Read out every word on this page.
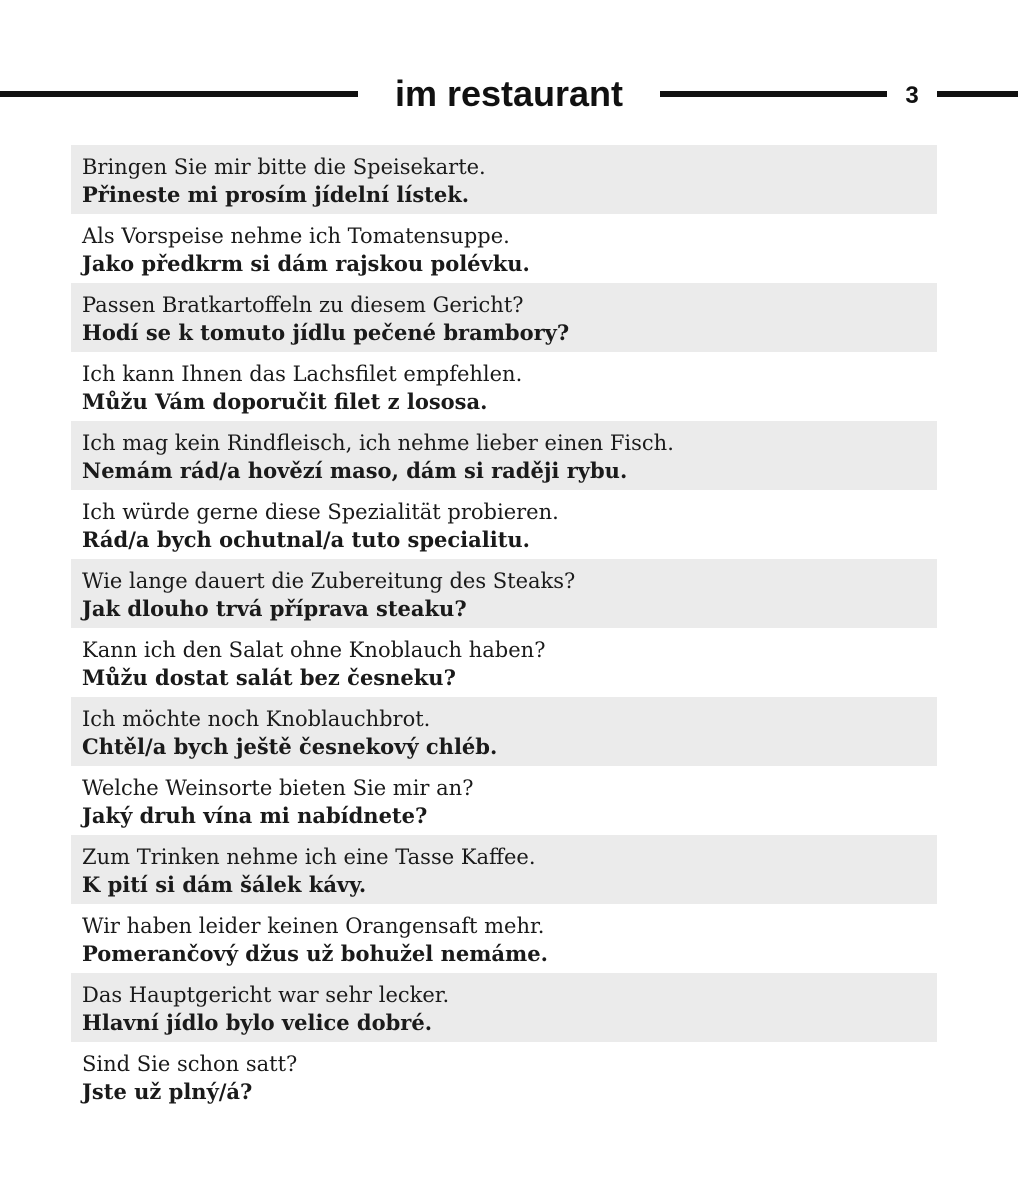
im restaurant	3
Bringen Sie mir bitte die Speisekarte.
Přineste mi prosím jídelní lístek.
Als Vorspeise nehme ich Tomatensuppe.
Jako předkrm si dám rajskou polévku.
Passen Bratkartoffeln zu diesem Gericht?
Hodí se k tomuto jídlu pečené brambory?
Ich kann Ihnen das Lachsfilet empfehlen.
Můžu Vám doporučit filet z lososa.
Ich mag kein Rindfleisch, ich nehme lieber einen Fisch.
Nemám rád/a hovězí maso, dám si raději rybu.
Ich würde gerne diese Spezialität probieren.
Rád/a bych ochutnal/a tuto specialitu.
Wie lange dauert die Zubereitung des Steaks?
Jak dlouho trvá příprava steaku?
Kann ich den Salat ohne Knoblauch haben?
Můžu dostat salát bez česneku?
Ich möchte noch Knoblauchbrot.
Chtěl/a bych ještě česnekový chléb.
Welche Weinsorte bieten Sie mir an?
Jaký druh vína mi nabídnete?
Zum Trinken nehme ich eine Tasse Kaffee.
K pití si dám šálek kávy.
Wir haben leider keinen Orangensaft mehr.
Pomerančový džus už bohužel nemáme.
Das Hauptgericht war sehr lecker.
Hlavní jídlo bylo velice dobré.
Sind Sie schon satt?
Jste už plný/á?
